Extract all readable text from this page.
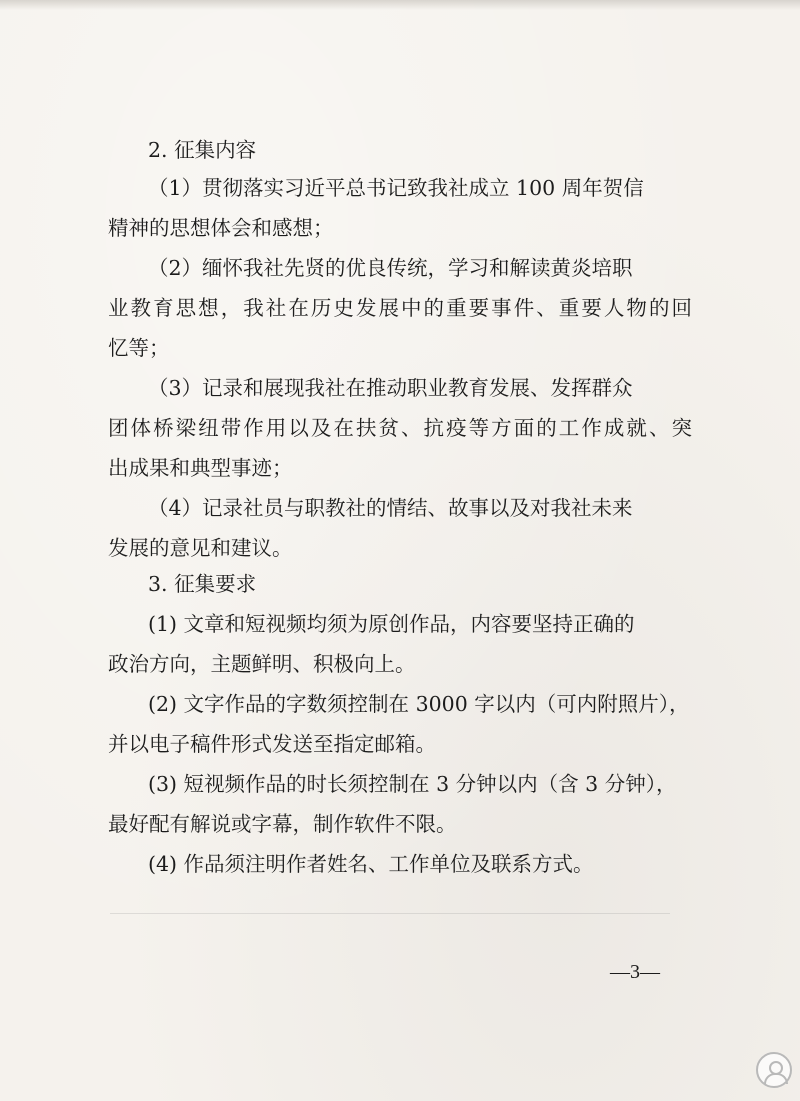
2. 征集内容

（1）贯彻落实习近平总书记致我社成立 100 周年贺信

精神的思想体会和感想；

（2）缅怀我社先贤的优良传统，学习和解读黄炎培职

业教育思想，我社在历史发展中的重要事件、重要人物的回

忆等；

（3）记录和展现我社在推动职业教育发展、发挥群众

团体桥梁纽带作用以及在扶贫、抗疫等方面的工作成就、突

出成果和典型事迹；

（4）记录社员与职教社的情结、故事以及对我社未来

发展的意见和建议。

3. 征集要求

(1) 文章和短视频均须为原创作品，内容要坚持正确的

政治方向，主题鲜明、积极向上。

(2) 文字作品的字数须控制在 3000 字以内（可内附照片），

并以电子稿件形式发送至指定邮箱。

(3) 短视频作品的时长须控制在 3 分钟以内（含 3 分钟），

最好配有解说或字幕，制作软件不限。

(4) 作品须注明作者姓名、工作单位及联系方式。

—3—
